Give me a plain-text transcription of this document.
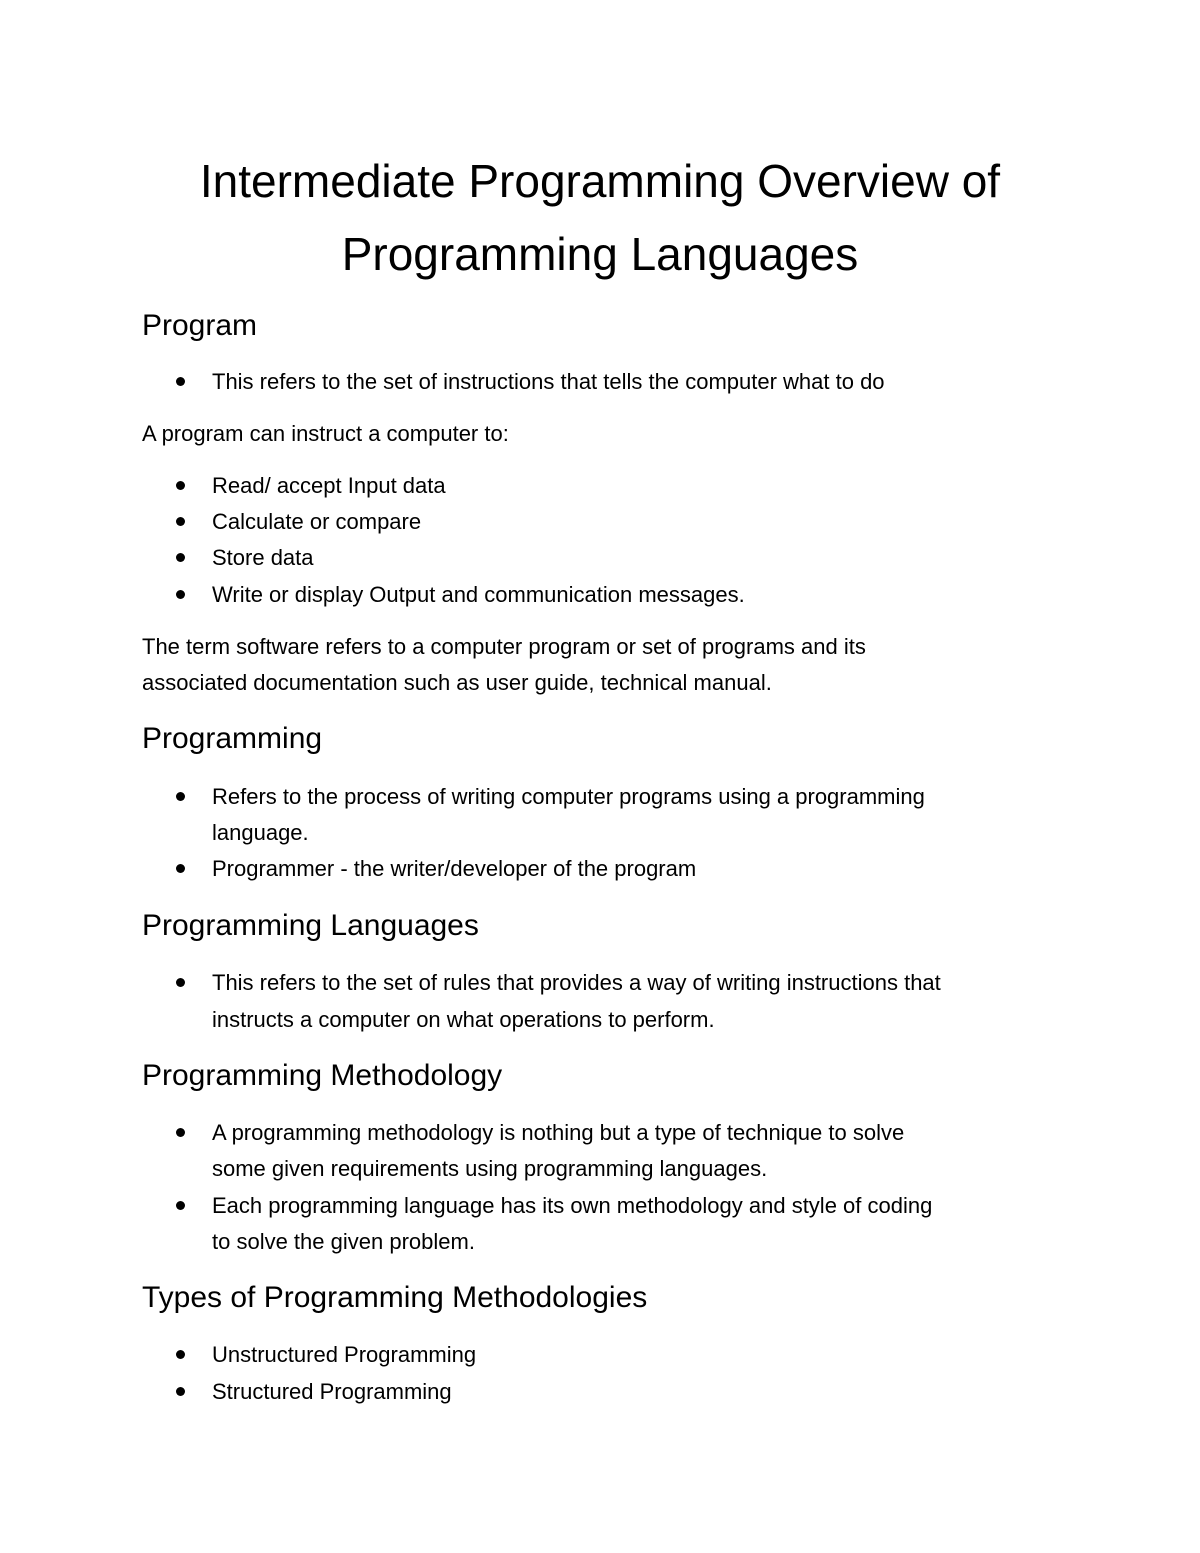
Intermediate Programming Overview of
Programming Languages
Program

This refers to the set of instructions that tells the computer what to do

A program can instruct a computer to:

Read/ accept Input data

Calculate or compare

Store data

Write or display Output and communication messages.

The term software refers to a computer program or set of programs and its

associated documentation such as user guide, technical manual.

Programming

Refers to the process of writing computer programs using a programming

language.

Programmer - the writer/developer of the program

Programming Languages

This refers to the set of rules that provides a way of writing instructions that

instructs a computer on what operations to perform.

Programming Methodology

A programming methodology is nothing but a type of technique to solve

some given requirements using programming languages.

Each programming language has its own methodology and style of coding

to solve the given problem.

Types of Programming Methodologies

Unstructured Programming

Structured Programming
